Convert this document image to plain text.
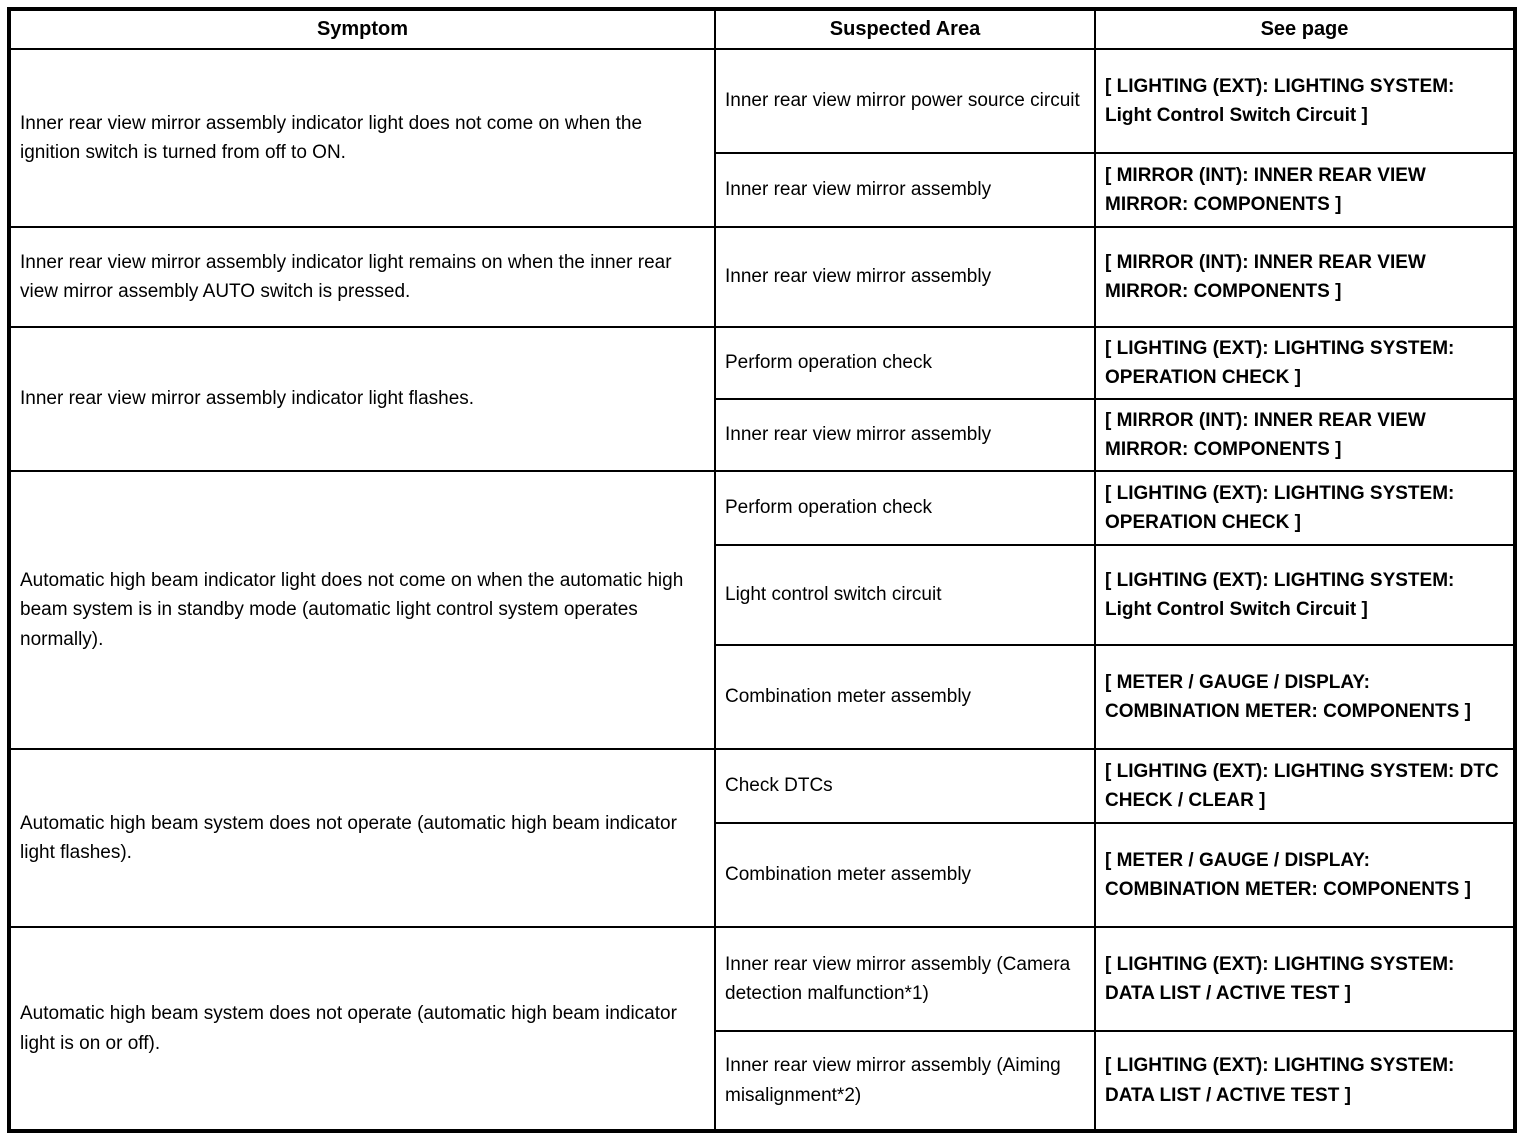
Symptom	Suspected Area	See page
Inner rear view mirror assembly indicator light does not come on when the ignition switch is turned from off to ON.	Inner rear view mirror power source circuit	[ LIGHTING (EXT): LIGHTING SYSTEM: Light Control Switch Circuit ]
	Inner rear view mirror assembly	[ MIRROR (INT): INNER REAR VIEW MIRROR: COMPONENTS ]
Inner rear view mirror assembly indicator light remains on when the inner rear view mirror assembly AUTO switch is pressed.	Inner rear view mirror assembly	[ MIRROR (INT): INNER REAR VIEW MIRROR: COMPONENTS ]
Inner rear view mirror assembly indicator light flashes.	Perform operation check	[ LIGHTING (EXT): LIGHTING SYSTEM: OPERATION CHECK ]
	Inner rear view mirror assembly	[ MIRROR (INT): INNER REAR VIEW MIRROR: COMPONENTS ]
Automatic high beam indicator light does not come on when the automatic high beam system is in standby mode (automatic light control system operates normally).	Perform operation check	[ LIGHTING (EXT): LIGHTING SYSTEM: OPERATION CHECK ]
	Light control switch circuit	[ LIGHTING (EXT): LIGHTING SYSTEM: Light Control Switch Circuit ]
	Combination meter assembly	[ METER / GAUGE / DISPLAY: COMBINATION METER: COMPONENTS ]
Automatic high beam system does not operate (automatic high beam indicator light flashes).	Check DTCs	[ LIGHTING (EXT): LIGHTING SYSTEM: DTC CHECK / CLEAR ]
	Combination meter assembly	[ METER / GAUGE / DISPLAY: COMBINATION METER: COMPONENTS ]
Automatic high beam system does not operate (automatic high beam indicator light is on or off).	Inner rear view mirror assembly (Camera detection malfunction*1)	[ LIGHTING (EXT): LIGHTING SYSTEM: DATA LIST / ACTIVE TEST ]
	Inner rear view mirror assembly (Aiming misalignment*2)	[ LIGHTING (EXT): LIGHTING SYSTEM: DATA LIST / ACTIVE TEST ]
